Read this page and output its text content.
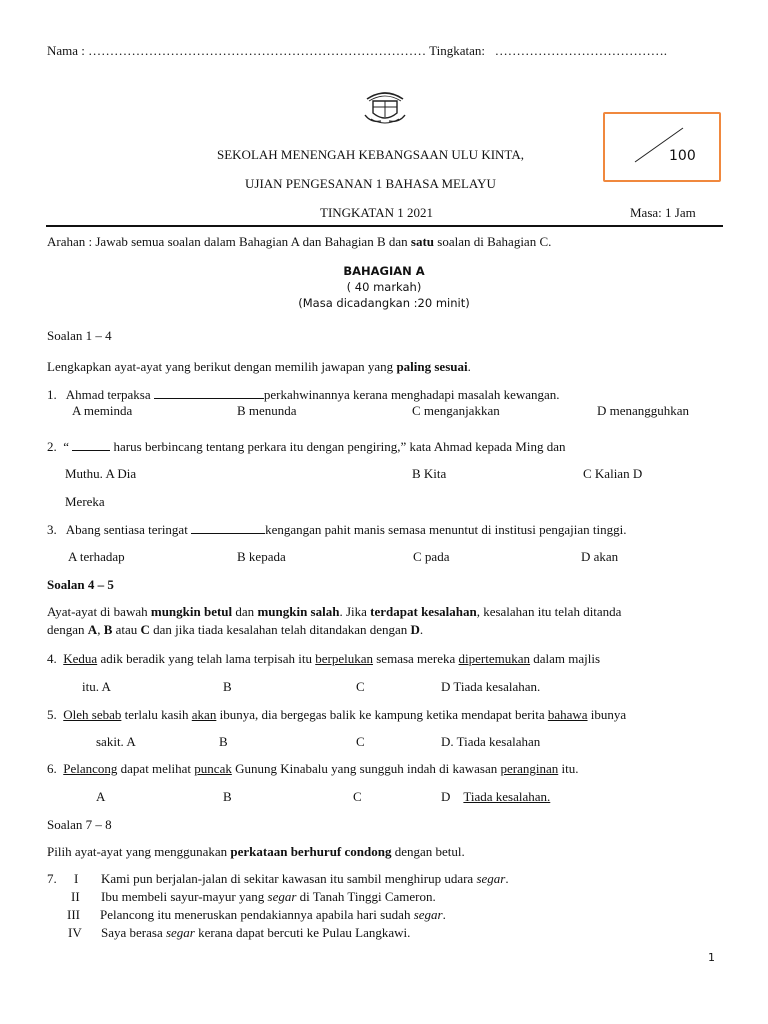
Nama : …………………………………………………………………… Tingkatan: ………………………………….
100
SEKOLAH MENENGAH KEBANGSAAN ULU KINTA,
UJIAN PENGESANAN 1 BAHASA MELAYU
TINGKATAN 1 2021	Masa: 1 Jam
Arahan : Jawab semua soalan dalam Bahagian A dan Bahagian B dan satu soalan di Bahagian C.
BAHAGIAN A
( 40 markah)
(Masa dicadangkan :20 minit)
Soalan 1 – 4
Lengkapkan ayat-ayat yang berikut dengan memilih jawapan yang paling sesuai.
1. Ahmad terpaksa	perkahwinannya kerana menghadapi masalah kewangan.
A meminda	B menunda	C menganjakkan	D menangguhkan
2. “	harus berbincang tentang perkara itu dengan pengiring,” kata Ahmad kepada Ming dan
Muthu. A Dia	B Kita	C Kalian D
Mereka
3. Abang sentiasa teringat	kengangan pahit manis semasa menuntut di institusi pengajian tinggi.
A terhadap	B kepada	C pada	D akan
Soalan 4 – 5
Ayat-ayat di bawah mungkin betul dan mungkin salah. Jika terdapat kesalahan, kesalahan itu telah ditanda
dengan A, B atau C dan jika tiada kesalahan telah ditandakan dengan D.
4. Kedua adik beradik yang telah lama terpisah itu berpelukan semasa mereka dipertemukan dalam majlis
itu. A	B	C	D Tiada kesalahan.
5. Oleh sebab terlalu kasih akan ibunya, dia bergegas balik ke kampung ketika mendapat berita bahawa ibunya
sakit. A	B	C	D. Tiada kesalahan
6. Pelancong dapat melihat puncak Gunung Kinabalu yang sungguh indah di kawasan peranginan itu.
A	B	C	D Tiada kesalahan.
Soalan 7 – 8
Pilih ayat-ayat yang menggunakan perkataan berhuruf condong dengan betul.
7. I Kami pun berjalan-jalan di sekitar kawasan itu sambil menghirup udara segar.
II Ibu membeli sayur-mayur yang segar di Tanah Tinggi Cameron.
III Pelancong itu meneruskan pendakiannya apabila hari sudah segar.
IV Saya berasa segar kerana dapat bercuti ke Pulau Langkawi.
1
